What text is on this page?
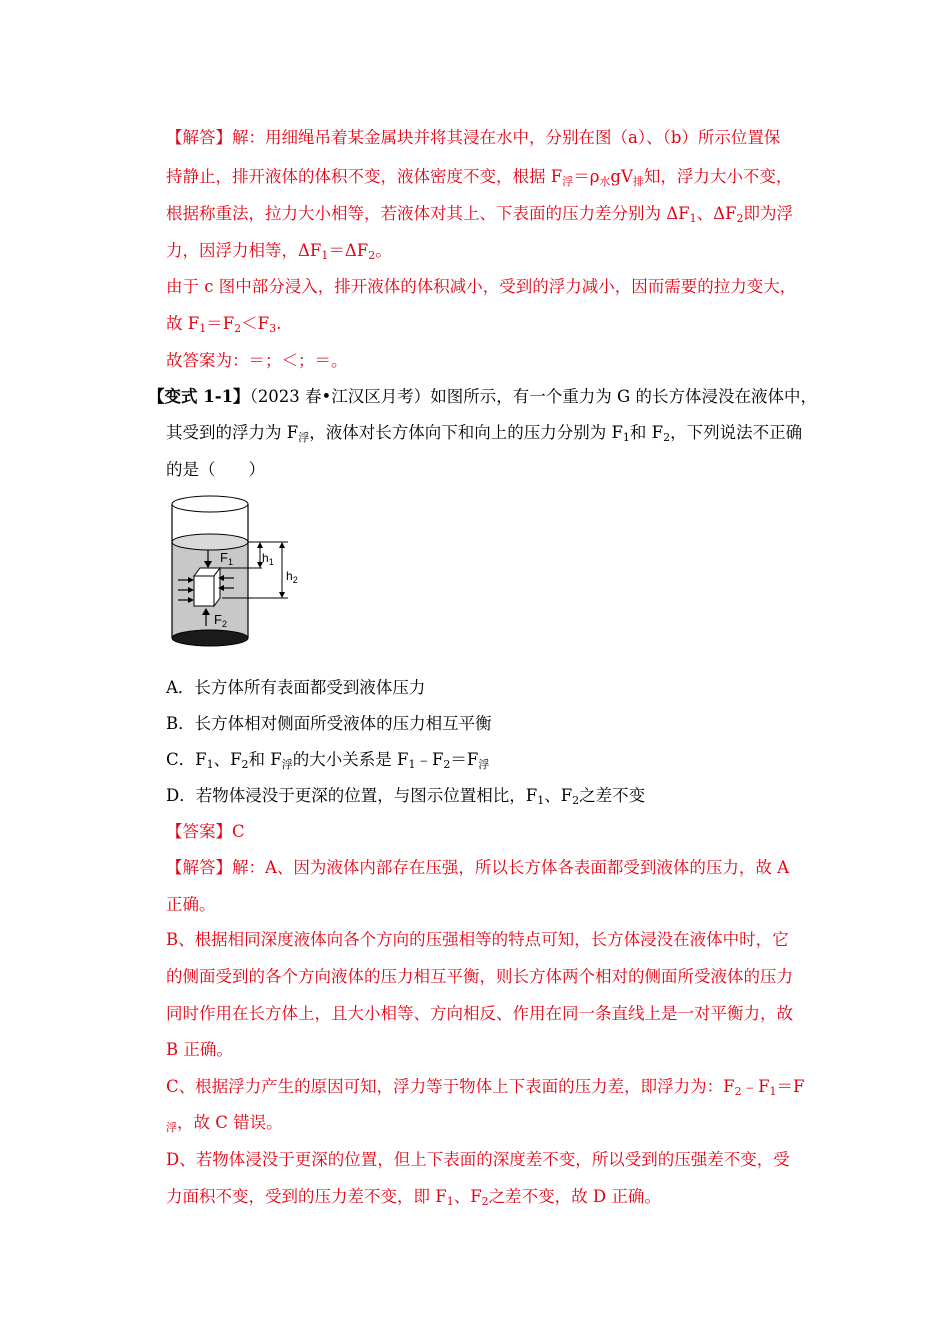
【解答】解：用细绳吊着某金属块并将其浸在水中，分别在图（a）、（b）所示位置保
持静止，排开液体的体积不变，液体密度不变，根据 $F_浮=\rho_水gV_排$知，浮力大小不变，
根据称重法，拉力大小相等，若液体对其上、下表面的压力差分别为 $\Delta F_1$、$\Delta F_2$即为浮
力，因浮力相等，$\Delta F_1=\Delta F_2$。
由于 c 图中部分浸入，排开液体的体积减小，受到的浮力减小，因而需要的拉力变大，
故 $F_1=F_2<F_3$.
故答案为：＝；＜；＝。
【变式 1-1】（2023 春•江汉区月考）如图所示，有一个重力为 G 的长方体浸没在液体中，
其受到的浮力为 $F_浮$，液体对长方体向下和向上的压力分别为 $F_1$和 $F_2$，下列说法不正确
的是（　　）
$F_1$
$F_2$
$h_1$
$h_2$
A．长方体所有表面都受到液体压力
B．长方体相对侧面所受液体的压力相互平衡
C．$F_1$、$F_2$和 $F_浮$的大小关系是 $F_1﹣F_2=F_浮$
D．若物体浸没于更深的位置，与图示位置相比，$F_1$、$F_2$之差不变
【答案】C
【解答】解：A、因为液体内部存在压强，所以长方体各表面都受到液体的压力，故 A
正确。
B、根据相同深度液体向各个方向的压强相等的特点可知，长方体浸没在液体中时，它
的侧面受到的各个方向液体的压力相互平衡，则长方体两个相对的侧面所受液体的压力
同时作用在长方体上，且大小相等、方向相反、作用在同一条直线上是一对平衡力，故
B 正确。
C、根据浮力产生的原因可知，浮力等于物体上下表面的压力差，即浮力为：$F_2﹣F_1=F$
$_浮$，故 C 错误。
D、若物体浸没于更深的位置，但上下表面的深度差不变，所以受到的压强差不变，受
力面积不变，受到的压力差不变，即 $F_1$、$F_2$之差不变，故 D 正确。
